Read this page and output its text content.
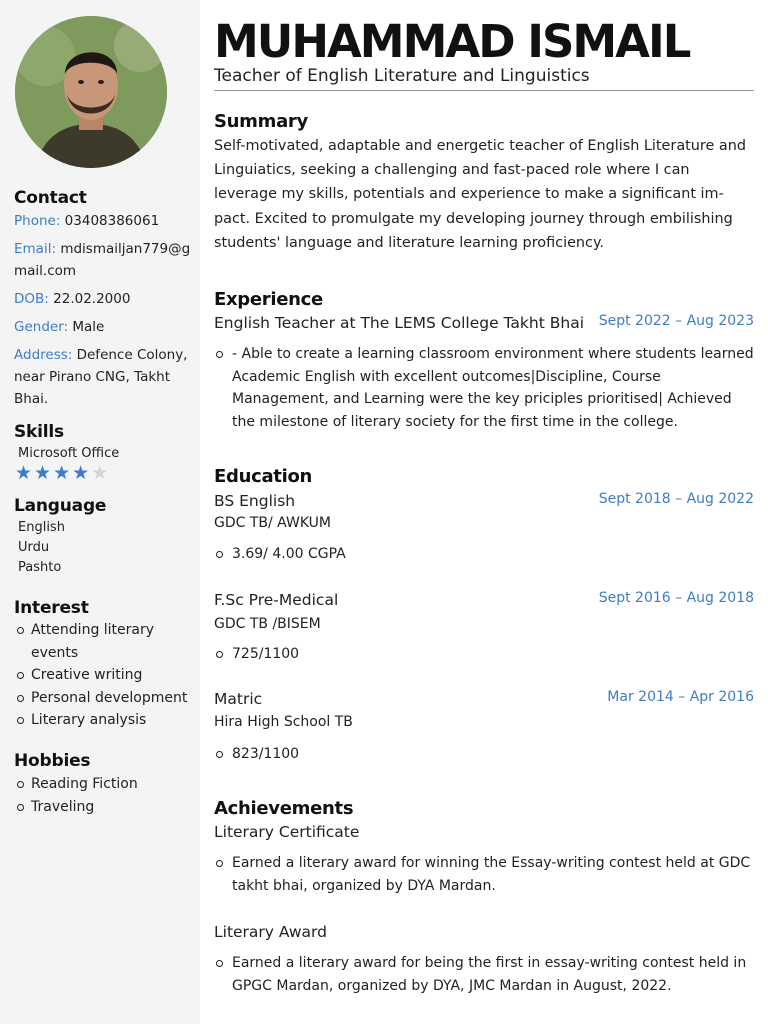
Contact
Phone: 03408386061
Email: mdismailjan779@gmail.com
DOB: 22.02.2000
Gender: Male
Address: Defence Colony, near Pirano CNG, Takht Bhai.
Skills
Microsoft Office
★★★★★
Language
English
Urdu
Pashto
Interest
Attending literary events
Creative writing
Personal development
Literary analysis
Hobbies
Reading Fiction
Traveling
MUHAMMAD ISMAIL
Teacher of English Literature and Linguistics
Summary

Self-motivated, adaptable and energetic teacher of English Literature and Linguiatics, seeking a challenging and fast-paced role where I can leverage my skills, potentials and experience to make a significant im-pact. Excited to promulgate my developing journey through embilishing students' language and literature learning proficiency.

Experience
English Teacher at The LEMS College Takht Bhai Sept 2022 – Aug 2023
- Able to create a learning classroom environment where students learned Academic English with excellent outcomes|Discipline, Course Management, and Learning were the key priciples prioritised| Achieved the milestone of literary society for the first time in the college.
Education
BS English	Sept 2018 – Aug 2022
GDC TB/ AWKUM
3.69/ 4.00 CGPA
F.Sc Pre-Medical	Sept 2016 – Aug 2018
GDC TB /BISEM
725/1100
Matric	Mar 2014 – Apr 2016
Hira High School TB
823/1100
Achievements
Literary Certificate
Earned a literary award for winning the Essay-writing contest held at GDC takht bhai, organized by DYA Mardan.
Literary Award
Earned a literary award for being the first in essay-writing contest held in GPGC Mardan, organized by DYA, JMC Mardan in August, 2022.
